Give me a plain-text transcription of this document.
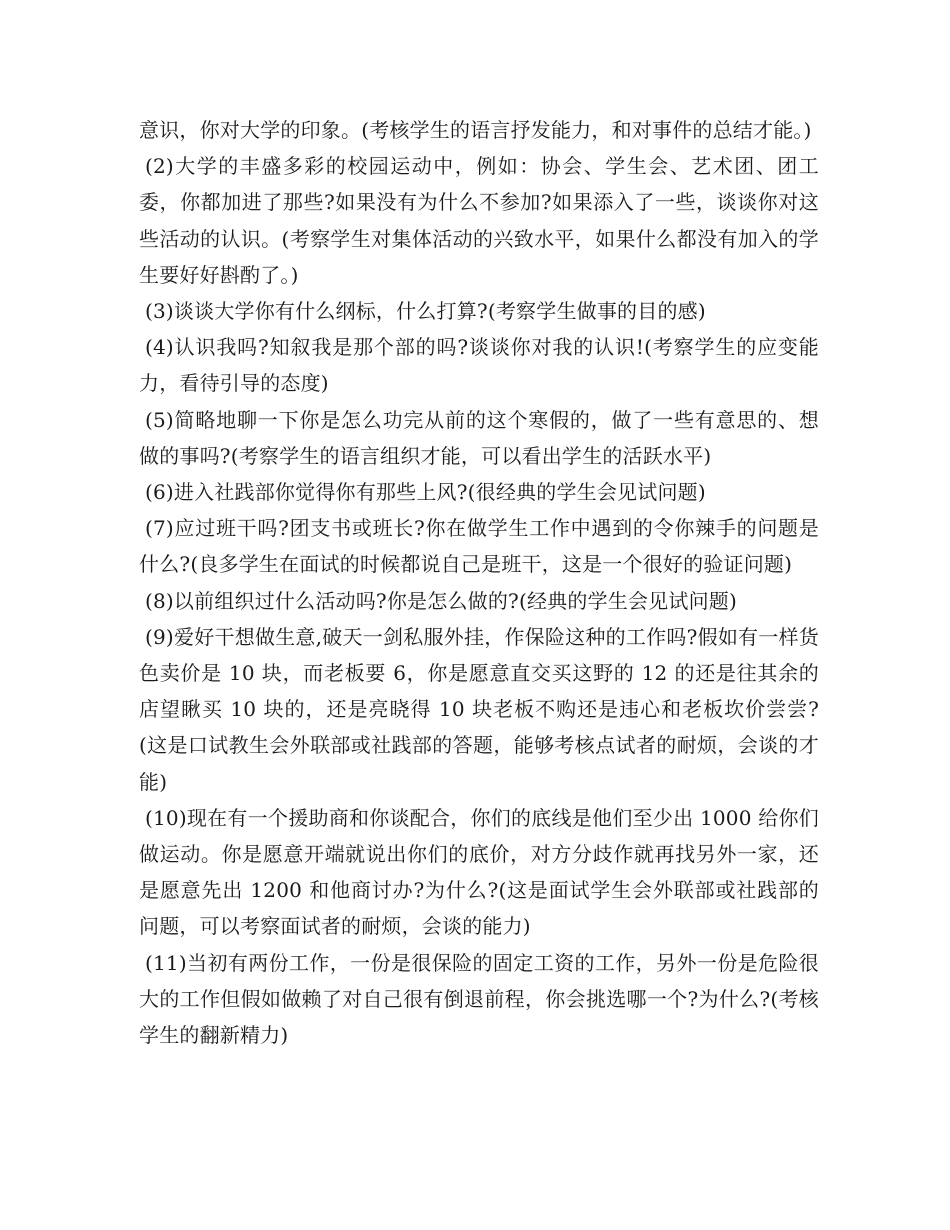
意识，你对大学的印象。(考核学生的语言抒发能力，和对事件的总结才能。)

(2)大学的丰盛多彩的校园运动中，例如：协会、学生会、艺术团、团工委，你都加进了那些?如果没有为什么不参加?如果添入了一些，谈谈你对这些活动的认识。(考察学生对集体活动的兴致水平，如果什么都没有加入的学生要好好斟酌了。)

(3)谈谈大学你有什么纲标，什么打算?(考察学生做事的目的感)

(4)认识我吗?知叙我是那个部的吗?谈谈你对我的认识!(考察学生的应变能力，看待引导的态度)

(5)简略地聊一下你是怎么功完从前的这个寒假的，做了一些有意思的、想做的事吗?(考察学生的语言组织才能，可以看出学生的活跃水平)

(6)进入社践部你觉得你有那些上风?(很经典的学生会见试问题)

(7)应过班干吗?团支书或班长?你在做学生工作中遇到的令你辣手的问题是什么?(良多学生在面试的时候都说自己是班干，这是一个很好的验证问题)

(8)以前组织过什么活动吗?你是怎么做的?(经典的学生会见试问题)

(9)爱好干想做生意,破天一剑私服外挂，作保险这种的工作吗?假如有一样货色卖价是 10 块，而老板要 6，你是愿意直交买这野的 12 的还是往其余的店望瞅买 10 块的，还是亮晓得 10 块老板不购还是违心和老板坎价尝尝?(这是口试教生会外联部或社践部的答题，能够考核点试者的耐烦，会谈的才能)

(10)现在有一个援助商和你谈配合，你们的底线是他们至少出 1000 给你们做运动。你是愿意开端就说出你们的底价，对方分歧作就再找另外一家，还是愿意先出 1200 和他商讨办?为什么?(这是面试学生会外联部或社践部的问题，可以考察面试者的耐烦，会谈的能力)

(11)当初有两份工作，一份是很保险的固定工资的工作，另外一份是危险很大的工作但假如做赖了对自己很有倒退前程，你会挑选哪一个?为什么?(考核学生的翻新精力)
